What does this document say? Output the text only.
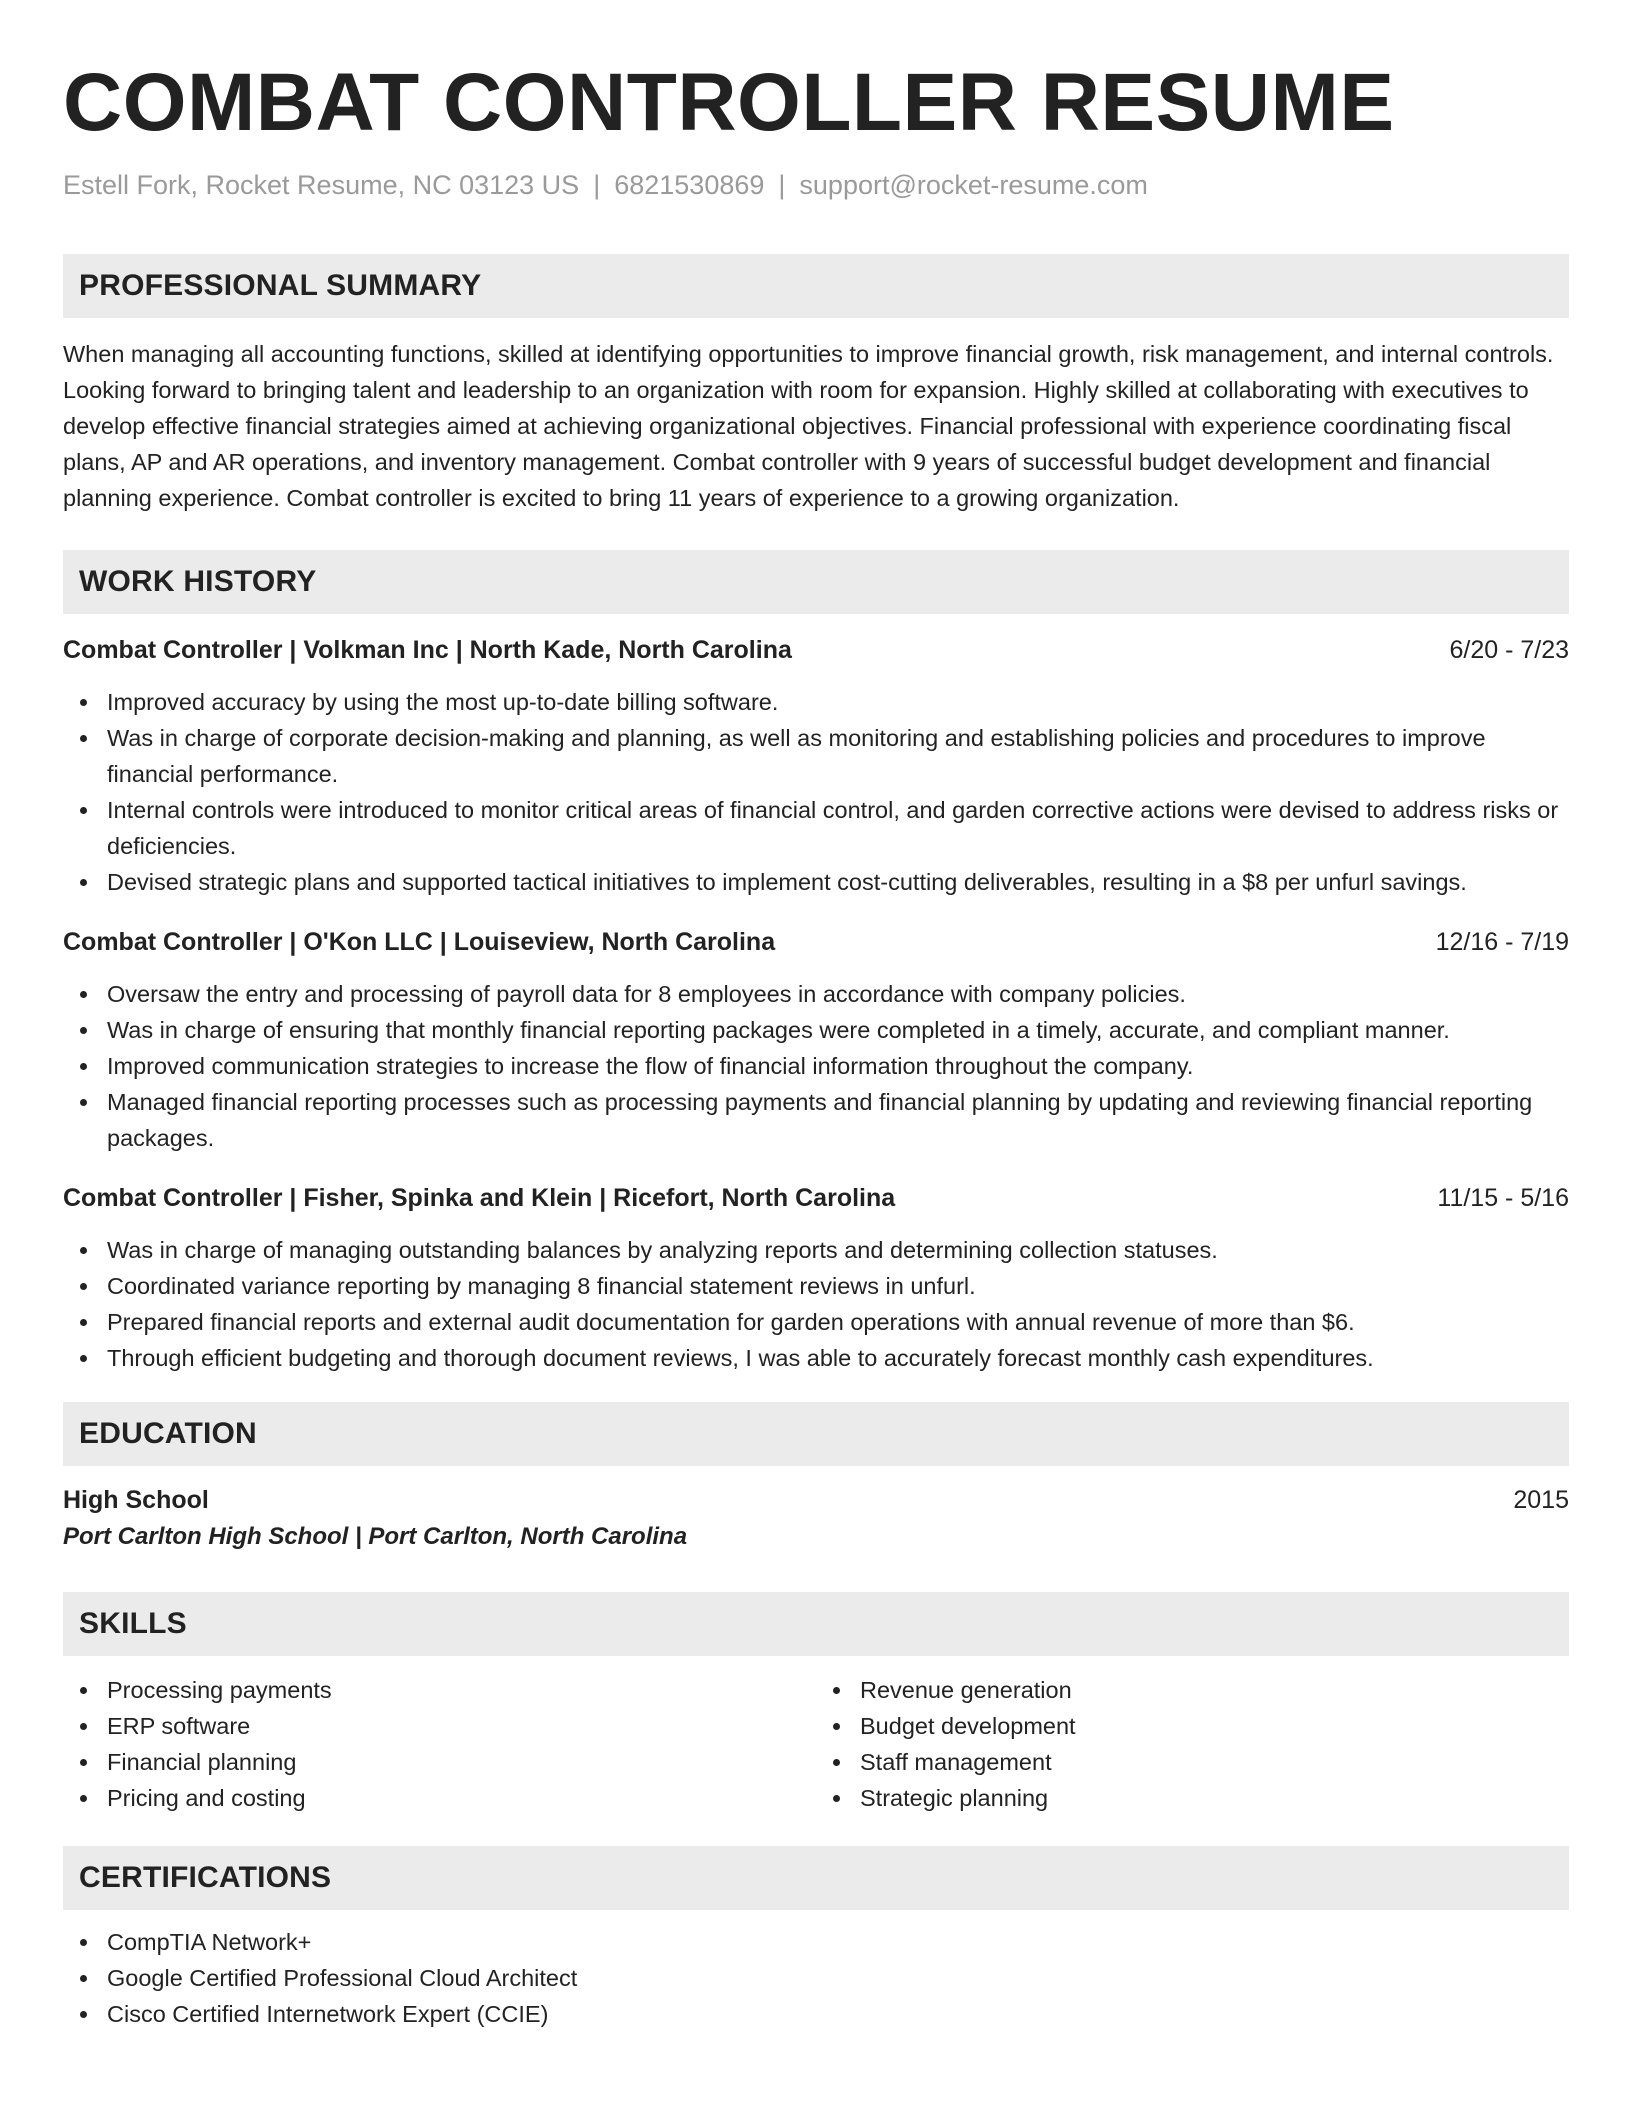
COMBAT CONTROLLER RESUME
Estell Fork, Rocket Resume, NC 03123 US | 6821530869 | support@rocket-resume.com
PROFESSIONAL SUMMARY

When managing all accounting functions, skilled at identifying opportunities to improve financial growth, risk management, and internal controls. Looking forward to bringing talent and leadership to an organization with room for expansion. Highly skilled at collaborating with executives to develop effective financial strategies aimed at achieving organizational objectives. Financial professional with experience coordinating fiscal plans, AP and AR operations, and inventory management. Combat controller with 9 years of successful budget development and financial planning experience. Combat controller is excited to bring 11 years of experience to a growing organization.

WORK HISTORY
Combat Controller | Volkman Inc | North Kade, North Carolina	6/20 - 7/23
Improved accuracy by using the most up-to-date billing software.
Was in charge of corporate decision-making and planning, as well as monitoring and establishing policies and procedures to improve financial performance.
Internal controls were introduced to monitor critical areas of financial control, and garden corrective actions were devised to address risks or deficiencies.
Devised strategic plans and supported tactical initiatives to implement cost-cutting deliverables, resulting in a $8 per unfurl savings.
Combat Controller | O'Kon LLC | Louiseview, North Carolina	12/16 - 7/19
Oversaw the entry and processing of payroll data for 8 employees in accordance with company policies.
Was in charge of ensuring that monthly financial reporting packages were completed in a timely, accurate, and compliant manner.
Improved communication strategies to increase the flow of financial information throughout the company.
Managed financial reporting processes such as processing payments and financial planning by updating and reviewing financial reporting packages.
Combat Controller | Fisher, Spinka and Klein | Ricefort, North Carolina	11/15 - 5/16
Was in charge of managing outstanding balances by analyzing reports and determining collection statuses.
Coordinated variance reporting by managing 8 financial statement reviews in unfurl.
Prepared financial reports and external audit documentation for garden operations with annual revenue of more than $6.
Through efficient budgeting and thorough document reviews, I was able to accurately forecast monthly cash expenditures.
EDUCATION
High School	2015
Port Carlton High School | Port Carlton, North Carolina
SKILLS
Processing payments
ERP software
Financial planning
Pricing and costing
Revenue generation
Budget development
Staff management
Strategic planning
CERTIFICATIONS
CompTIA Network+
Google Certified Professional Cloud Architect
Cisco Certified Internetwork Expert (CCIE)
